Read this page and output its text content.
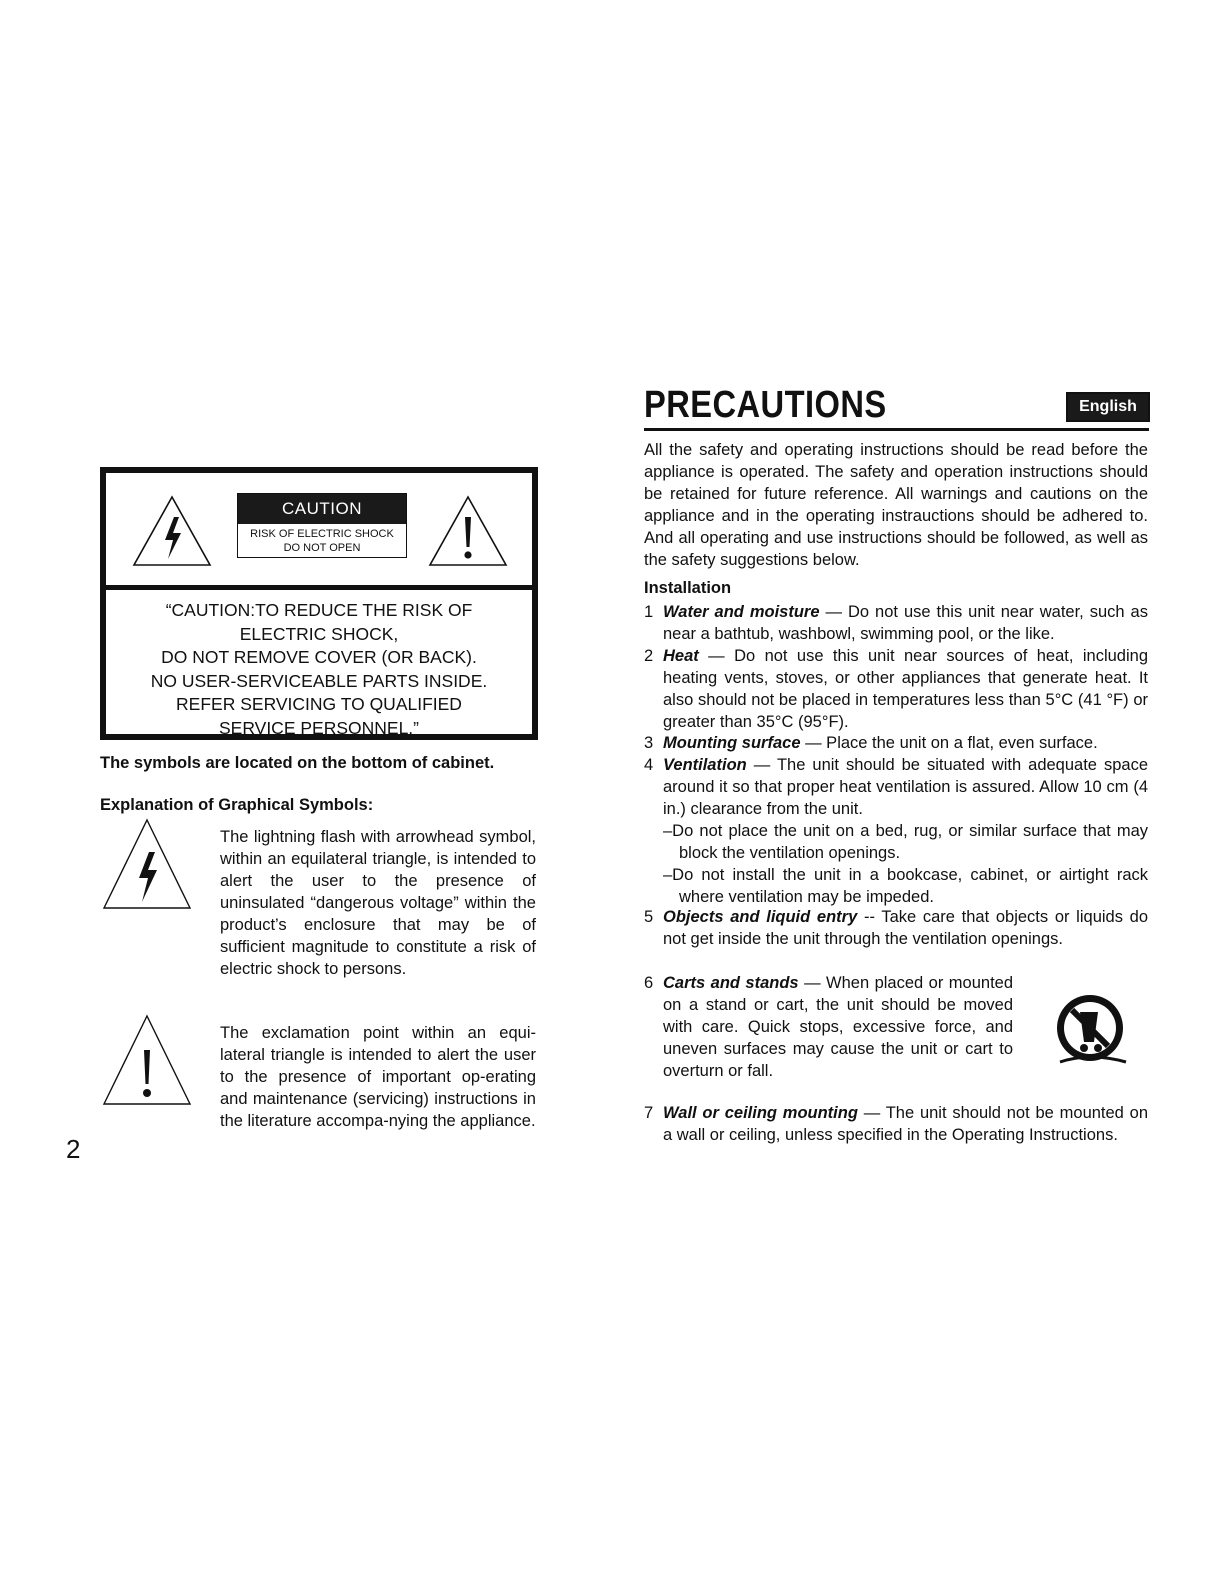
CAUTION
RISK OF ELECTRIC SHOCK
DO NOT OPEN
“CAUTION:TO REDUCE THE RISK OF
ELECTRIC SHOCK,
DO NOT REMOVE COVER (OR BACK).
NO USER-SERVICEABLE PARTS INSIDE.
REFER SERVICING TO QUALIFIED
SERVICE PERSONNEL.”
The symbols are located on the bottom of cabinet.
Explanation of Graphical Symbols:
The lightning flash with arrowhead symbol, within an equilateral triangle, is intended to alert the user to the presence of uninsulated “dangerous voltage” within the product’s enclosure that may be of sufficient magnitude to constitute a risk of electric shock to persons.
The exclamation point within an equi-lateral triangle is intended to alert the user to the presence of important op-erating and maintenance (servicing) instructions in the literature accompa-nying the appliance.
2
PRECAUTIONS	English
All the safety and operating instructions should be read before the appliance is operated. The safety and operation instructions should be retained for future reference. All warnings and cautions on the appliance and in the operating instrauctions should be adhered to. And all operating and use instructions should be followed, as well as the safety suggestions below.
Installation
1 Water and moisture — Do not use this unit near water, such as near a bathtub, washbowl, swimming pool, or the like.
2 Heat — Do not use this unit near sources of heat, including heating vents, stoves, or other appliances that generate heat. It also should not be placed in temperatures less than 5°C (41 °F) or greater than 35°C (95°F).
3 Mounting surface — Place the unit on a flat, even surface.
4 Ventilation — The unit should be situated with adequate space around it so that proper heat ventilation is assured. Allow 10 cm (4 in.) clearance from the unit.
–Do not place the unit on a bed, rug, or similar surface that may block the ventilation openings.
–Do not install the unit in a bookcase, cabinet, or airtight rack where ventilation may be impeded.
5 Objects and liquid entry -- Take care that objects or liquids do not get inside the unit through the ventilation openings.
6 Carts and stands — When placed or mounted on a stand or cart, the unit should be moved with care. Quick stops, excessive force, and uneven surfaces may cause the unit or cart to overturn or fall.
7 Wall or ceiling mounting — The unit should not be mounted on a wall or ceiling, unless specified in the Operating Instructions.
